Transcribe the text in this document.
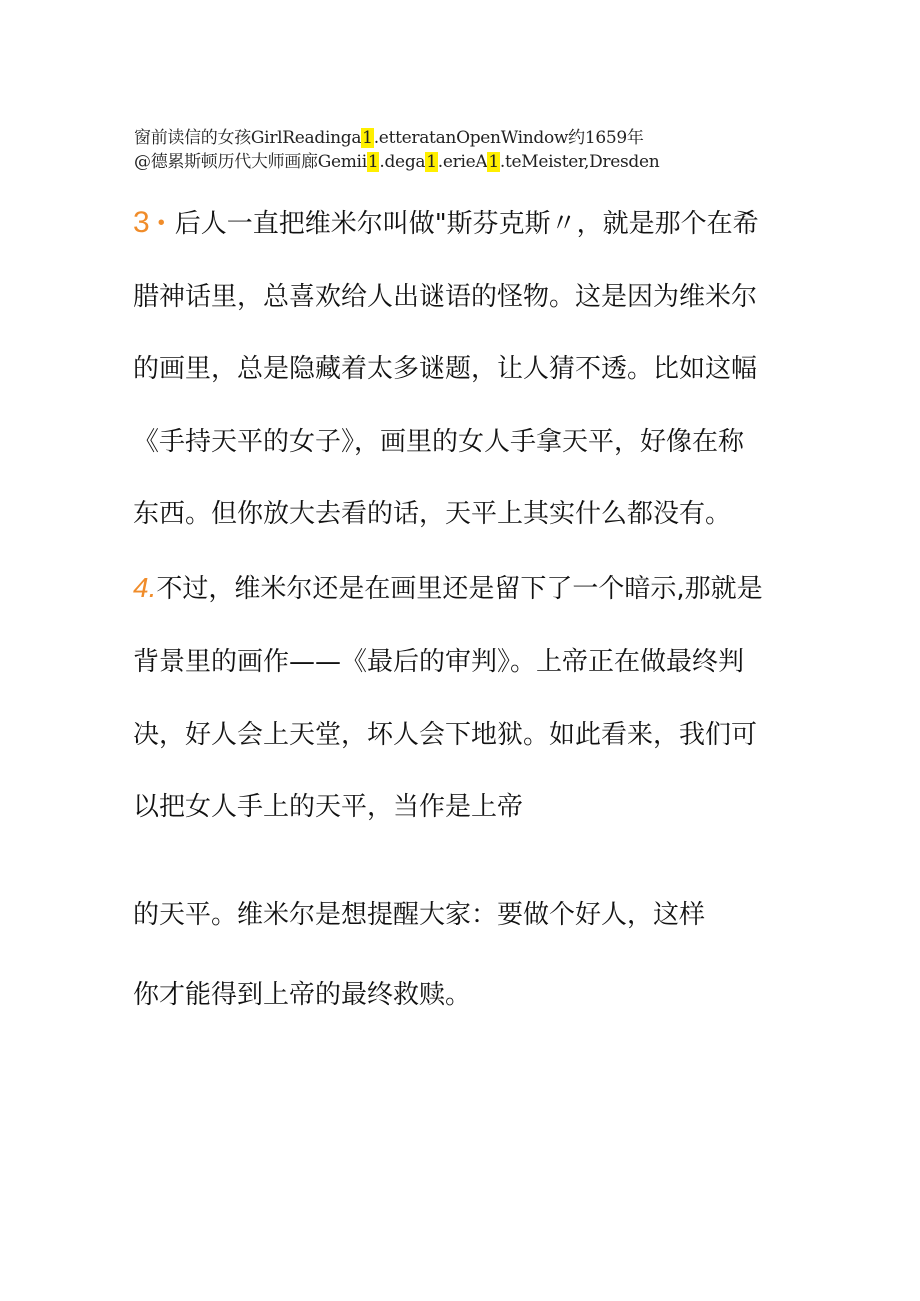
窗前读信的女孩GirlReadinga1.etteratanOpenWindow约1659年
@德累斯顿历代大师画廊Gemii1.dega1.erieA1.teMeister,Dresden
3 • 后人一直把维米尔叫做"斯芬克斯〃，就是那个在希
腊神话里，总喜欢给人出谜语的怪物。这是因为维米尔
的画里，总是隐藏着太多谜题，让人猜不透。比如这幅
《手持天平的女子》，画里的女人手拿天平，好像在称
东西。但你放大去看的话，天平上其实什么都没有。
4.不过，维米尔还是在画里还是留下了一个暗示,那就是
背景里的画作——《最后的审判》。上帝正在做最终判
决，好人会上天堂，坏人会下地狱。如此看来，我们可
以把女人手上的天平，当作是上帝
的天平。维米尔是想提醒大家：要做个好人，这样
你才能得到上帝的最终救赎。
